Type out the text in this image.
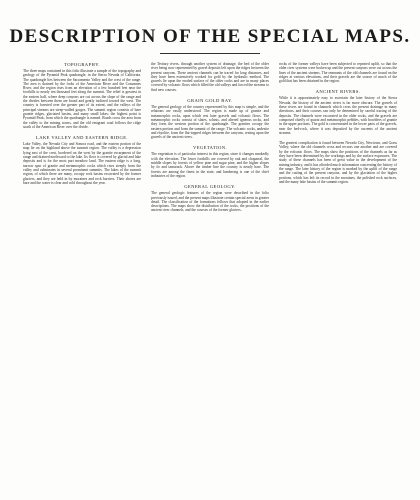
DESCRIPTION OF THE SPECIAL MAPS.
TOPOGRAPHY.

The three maps contained in this folio illustrate a sample of the topography and geology of the Pyramid Peak quadrangle, in the Sierra Nevada of California. The quadrangle lies between the Sacramento Valley and the crest of the range. The area is drained by the forks of the American River and the Cosumnes River, and the region rises from an elevation of a few hundred feet near the foothills to nearly ten thousand feet along the summit. The relief is greatest in the eastern half, where deep canyons are cut across the slope of the range and the divides between them are broad and gently inclined toward the west. The country is forested over the greater part of its extent, and the valleys of the principal streams are steep-walled gorges. The summit region consists of bare granite ridges, glaciated basins, and many small lakes; the highest point is Pyramid Peak, from which the quadrangle is named. Roads cross the area from the valley to the mining towns, and the old emigrant road follows the ridge south of the American River over the divide.

LAKE VALLEY AND EASTERN RIDGE.

Lake Valley, the Nevada City and Sonora road, and the eastern portion of the map lie on the highland above the summit region. The valley is a depression lying east of the crest, bordered on the west by the granite escarpment of the range and drained northward to the lake. Its floor is covered by glacial and lake deposits and is for the most part meadow land. The eastern ridge is a long, narrow spur of granite and metamorphic rocks which rises steeply from the valley and culminates in several prominent summits. The lakes of the summit region, of which there are many, occupy rock basins excavated by the former glaciers, and they are held in by moraines and rock barriers. Their shores are bare and the water is clear and cold throughout the year.

the Tertiary rivers, through another system of drainage, the bed of the older river being now represented by gravel deposits left upon the ridges between the present canyons. These ancient channels can be traced for long distances, and they have been extensively worked for gold by the hydraulic method. The gravels lie upon the eroded surface of the older rocks and are in many places covered by volcanic flows which filled the old valleys and forced the streams to find new courses.

GRAIN GOLD BAY.

The general geology of the country represented by this map is simple, and the relations are easily understood. The region is made up of granite and metamorphic rocks, upon which rest later gravels and volcanic flows. The metamorphic rocks consist of slates, schists, and altered igneous rocks, and they form the western portion of the quadrangle. The granites occupy the eastern portion and form the summit of the range. The volcanic rocks, andesite and rhyolite, form the flat-topped ridges between the canyons, resting upon the gravels of the ancient rivers.

VEGETATION.

The vegetation is of particular interest in this region, since it changes markedly with the elevation. The lower foothills are covered by oak and chaparral, the middle slopes by forests of yellow pine and sugar pine, and the higher slopes by fir and tamarack. Above the timber line the country is nearly bare. The forests are among the finest in the state, and lumbering is one of the chief industries of the region.

GENERAL GEOLOGY.

The general geologic features of the region were described in the folio previously issued, and the present maps illustrate certain special areas in greater detail. The classification of the formations follows that adopted in the earlier descriptions. The maps show the distribution of the rocks, the positions of the ancient river channels, and the courses of the former glaciers.

rocks of the former valleys have been subjected to repeated uplift, so that the older river systems were broken up and the present canyons were cut across the lines of the ancient streams. The remnants of the old channels are found on the ridges at various elevations, and their gravels are the source of much of the gold that has been obtained in the region.

ANCIENT RIVERS.

While it is approximately easy to ascertain the later history of the Sierra Nevada, the history of the ancient rivers is far more obscure. The gravels of these rivers are found in channels which cross the present drainage in many directions, and their courses can only be determined by careful tracing of the deposits. The channels were excavated in the older rocks, and the gravels are composed chiefly of quartz and metamorphic pebbles, with bowlders of granite in the upper portions. The gold is concentrated in the lower parts of the gravels, near the bed-rock, where it was deposited by the currents of the ancient streams.

The greatest complication is found between Nevada City, Newtown, and Grass Valley, where the old channels cross and recross one another and are covered by the volcanic flows. The maps show the positions of the channels as far as they have been determined by the workings and by the surface exposures. The study of these channels has been of great value in the development of the mining industry, and it has afforded much information concerning the history of the range. The later history of the region is marked by the uplift of the range and the cutting of the present canyons, and by the glaciation of the higher portions, which has left its record in the moraines, the polished rock surfaces, and the many lake basins of the summit region.
